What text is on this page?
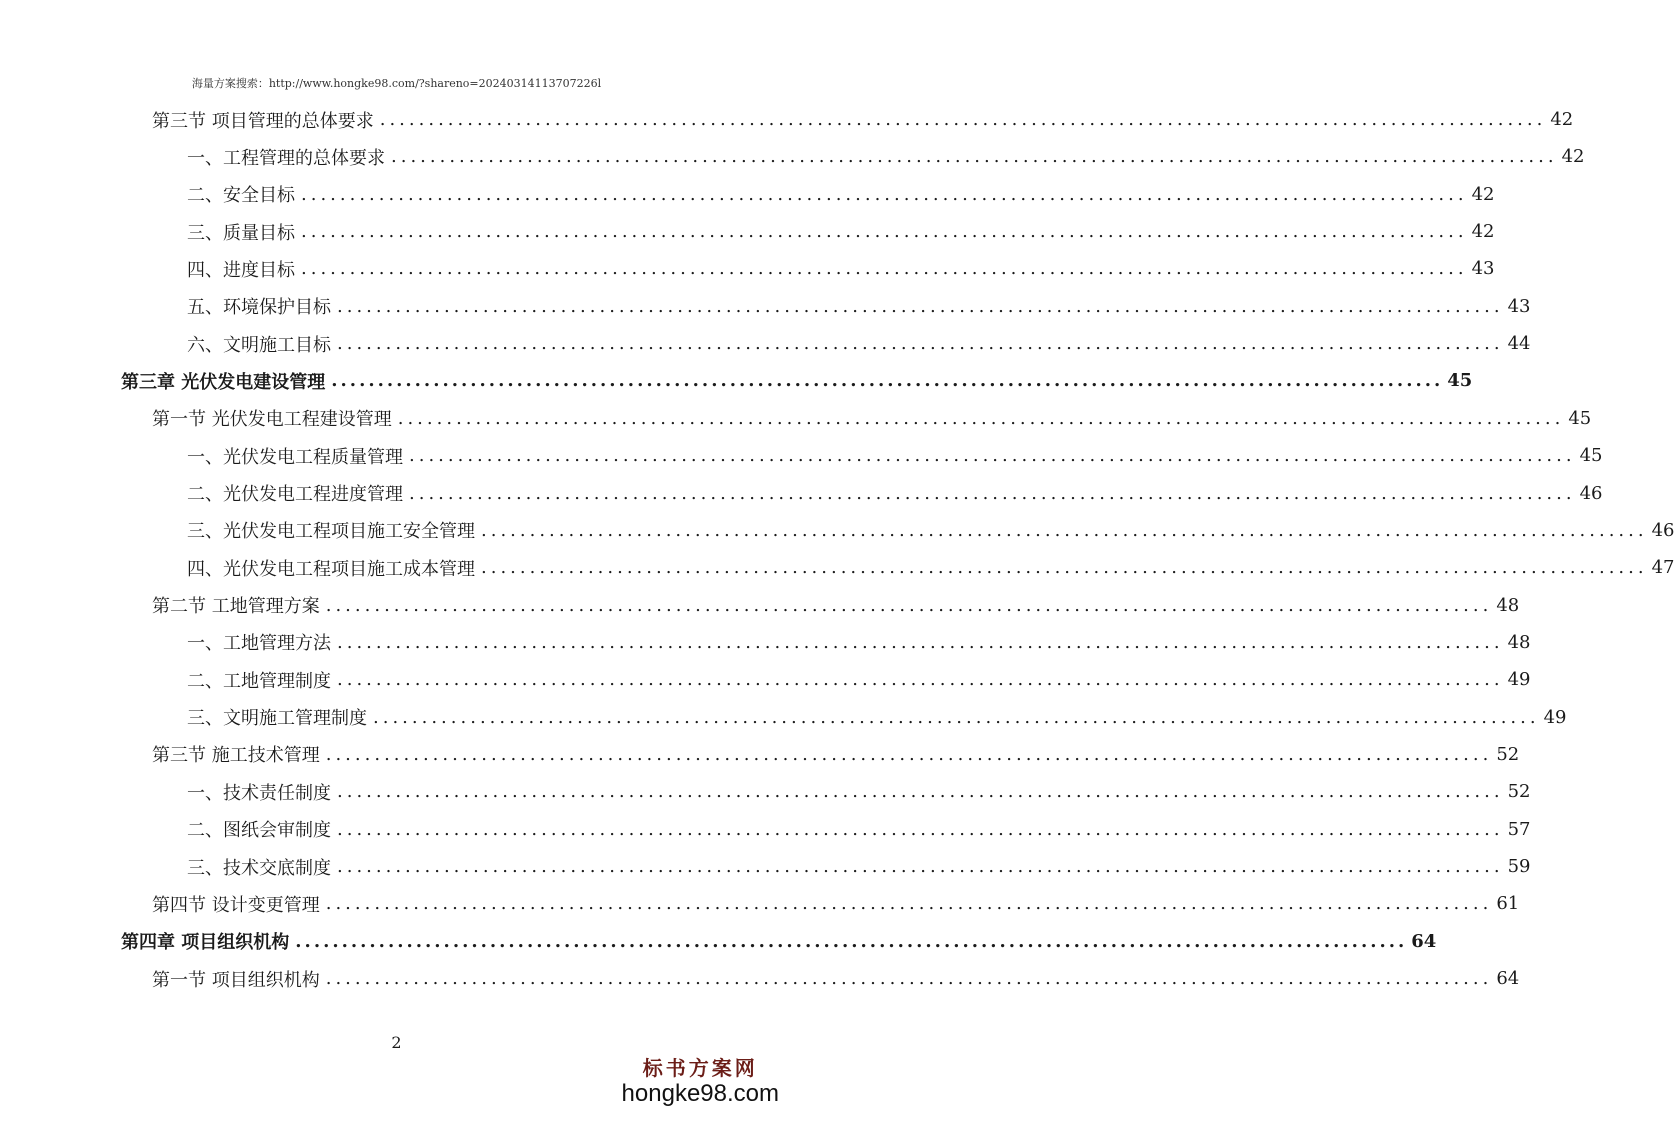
海量方案搜索：http://www.hongke98.com/?shareno=20240314113707226l
第三节 项目管理的总体要求 ........................................................................................................................ 42
一、工程管理的总体要求 ........................................................................................................................ 42
二、安全目标 ........................................................................................................................ 42
三、质量目标 ........................................................................................................................ 42
四、进度目标 ........................................................................................................................ 43
五、环境保护目标 ........................................................................................................................ 43
六、文明施工目标 ........................................................................................................................ 44
第三章 光伏发电建设管理 ........................................................................................................................ 45
第一节 光伏发电工程建设管理 ........................................................................................................................ 45
一、光伏发电工程质量管理 ........................................................................................................................ 45
二、光伏发电工程进度管理 ........................................................................................................................ 46
三、光伏发电工程项目施工安全管理 ........................................................................................................................ 46
四、光伏发电工程项目施工成本管理 ........................................................................................................................ 47
第二节 工地管理方案 ........................................................................................................................ 48
一、工地管理方法 ........................................................................................................................ 48
二、工地管理制度 ........................................................................................................................ 49
三、文明施工管理制度 ........................................................................................................................ 49
第三节 施工技术管理 ........................................................................................................................ 52
一、技术责任制度 ........................................................................................................................ 52
二、图纸会审制度 ........................................................................................................................ 57
三、技术交底制度 ........................................................................................................................ 59
第四节 设计变更管理 ........................................................................................................................ 61
第四章 项目组织机构 ........................................................................................................................ 64
第一节 项目组织机构 ........................................................................................................................ 64
2
标书方案网
hongke98.com
